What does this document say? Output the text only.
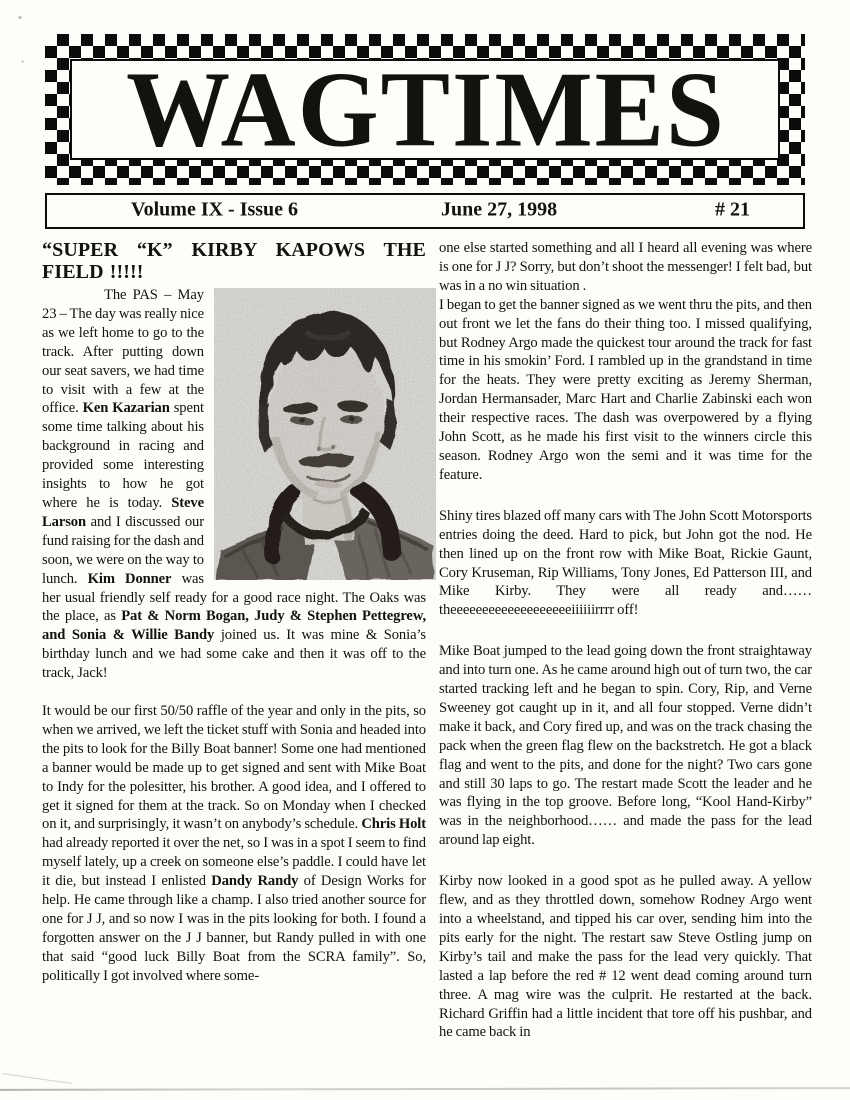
WAGTIMES
Volume IX - Issue 6	June 27, 1998	# 21
“SUPER “K” KIRBY KAPOWS THE FIELD !!!!!
The PAS – May 23 – The day was really nice as we left home to go to the track. After putting down our seat savers, we had time to visit with a few at the office. Ken Kazarian spent some time talking about his background in racing and provided some interesting insights to how he got where he is today. Steve Larson and I discussed our fund raising for the dash and soon, we were on the way to lunch. Kim Donner was her usual friendly self ready for a good race night. The Oaks was the place, as Pat & Norm Bogan, Judy & Stephen Pettegrew, and Sonia & Willie Bandy joined us. It was mine & Sonia’s birthday lunch and we had some cake and then it was off to the track, Jack!
It would be our first 50/50 raffle of the year and only in the pits, so when we arrived, we left the ticket stuff with Sonia and headed into the pits to look for the Billy Boat banner! Some one had mentioned a banner would be made up to get signed and sent with Mike Boat to Indy for the polesitter, his brother. A good idea, and I offered to get it signed for them at the track. So on Monday when I checked on it, and surprisingly, it wasn’t on anybody’s schedule. Chris Holt had already reported it over the net, so I was in a spot I seem to find myself lately, up a creek on someone else’s paddle. I could have let it die, but instead I enlisted Dandy Randy of Design Works for help. He came through like a champ. I also tried another source for one for J J, and so now I was in the pits looking for both. I found a forgotten answer on the J J banner, but Randy pulled in with one that said “good luck Billy Boat from the SCRA family”. So, politically I got involved where some-
one else started something and all I heard all evening was where is one for J J? Sorry, but don’t shoot the messenger! I felt bad, but was in a no win situation .
I began to get the banner signed as we went thru the pits, and then out front we let the fans do their thing too. I missed qualifying, but Rodney Argo made the quickest tour around the track for fast time in his smokin’ Ford. I rambled up in the grandstand in time for the heats. They were pretty exciting as Jeremy Sherman, Jordan Hermansader, Marc Hart and Charlie Zabinski each won their respective races. The dash was overpowered by a flying John Scott, as he made his first visit to the winners circle this season. Rodney Argo won the semi and it was time for the feature.
Shiny tires blazed off many cars with The John Scott Motorsports entries doing the deed. Hard to pick, but John got the nod. He then lined up on the front row with Mike Boat, Rickie Gaunt, Cory Kruseman, Rip Williams, Tony Jones, Ed Patterson III, and Mike Kirby. They were all ready and…… theeeeeeeeeeeeeeeeeeeiiiiiirrrr off!
Mike Boat jumped to the lead going down the front straightaway and into turn one. As he came around high out of turn two, the car started tracking left and he began to spin. Cory, Rip, and Verne Sweeney got caught up in it, and all four stopped. Verne didn’t make it back, and Cory fired up, and was on the track chasing the pack when the green flag flew on the backstretch. He got a black flag and went to the pits, and done for the night? Two cars gone and still 30 laps to go. The restart made Scott the leader and he was flying in the top groove. Before long, “Kool Hand-Kirby” was in the neighborhood…… and made the pass for the lead around lap eight.
Kirby now looked in a good spot as he pulled away. A yellow flew, and as they throttled down, somehow Rodney Argo went into a wheelstand, and tipped his car over, sending him into the pits early for the night. The restart saw Steve Ostling jump on Kirby’s tail and make the pass for the lead very quickly. That lasted a lap before the red # 12 went dead coming around turn three. A mag wire was the culprit. He restarted at the back. Richard Griffin had a little incident that tore off his pushbar, and he came back in
